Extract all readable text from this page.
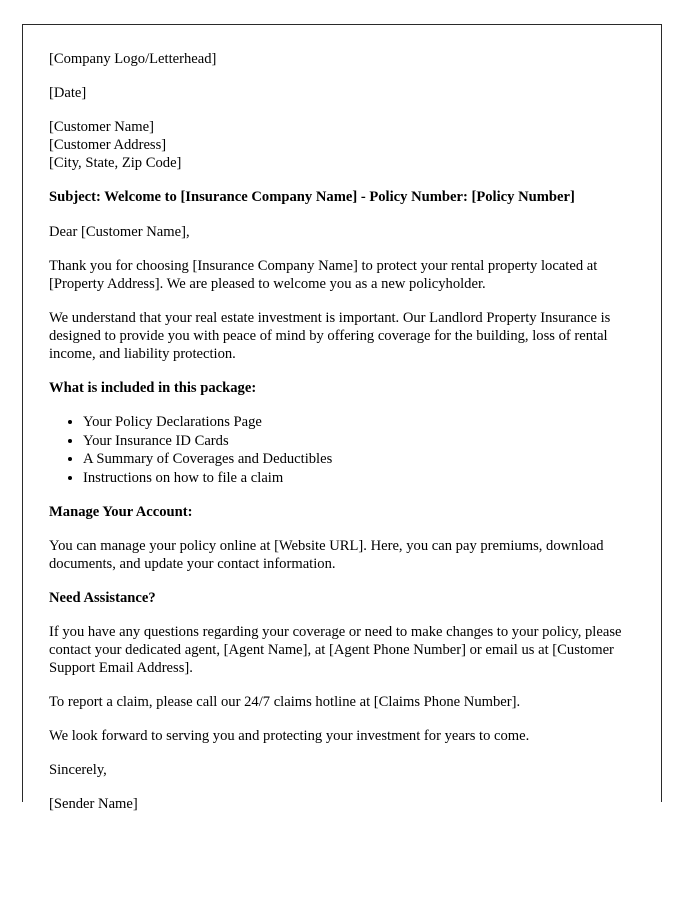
[Company Logo/Letterhead]

[Date]

[Customer Name]

[Customer Address]

[City, State, Zip Code]

Subject: Welcome to [Insurance Company Name] - Policy Number: [Policy Number]

Dear [Customer Name],

Thank you for choosing [Insurance Company Name] to protect your rental property located at [Property Address]. We are pleased to welcome you as a new policyholder.

We understand that your real estate investment is important. Our Landlord Property Insurance is designed to provide you with peace of mind by offering coverage for the building, loss of rental income, and liability protection.

What is included in this package:

• Your Policy Declarations Page
• Your Insurance ID Cards
• A Summary of Coverages and Deductibles
• Instructions on how to file a claim

Manage Your Account:

You can manage your policy online at [Website URL]. Here, you can pay premiums, download documents, and update your contact information.

Need Assistance?

If you have any questions regarding your coverage or need to make changes to your policy, please contact your dedicated agent, [Agent Name], at [Agent Phone Number] or email us at [Customer Support Email Address].

To report a claim, please call our 24/7 claims hotline at [Claims Phone Number].

We look forward to serving you and protecting your investment for years to come.

Sincerely,

[Sender Name]
